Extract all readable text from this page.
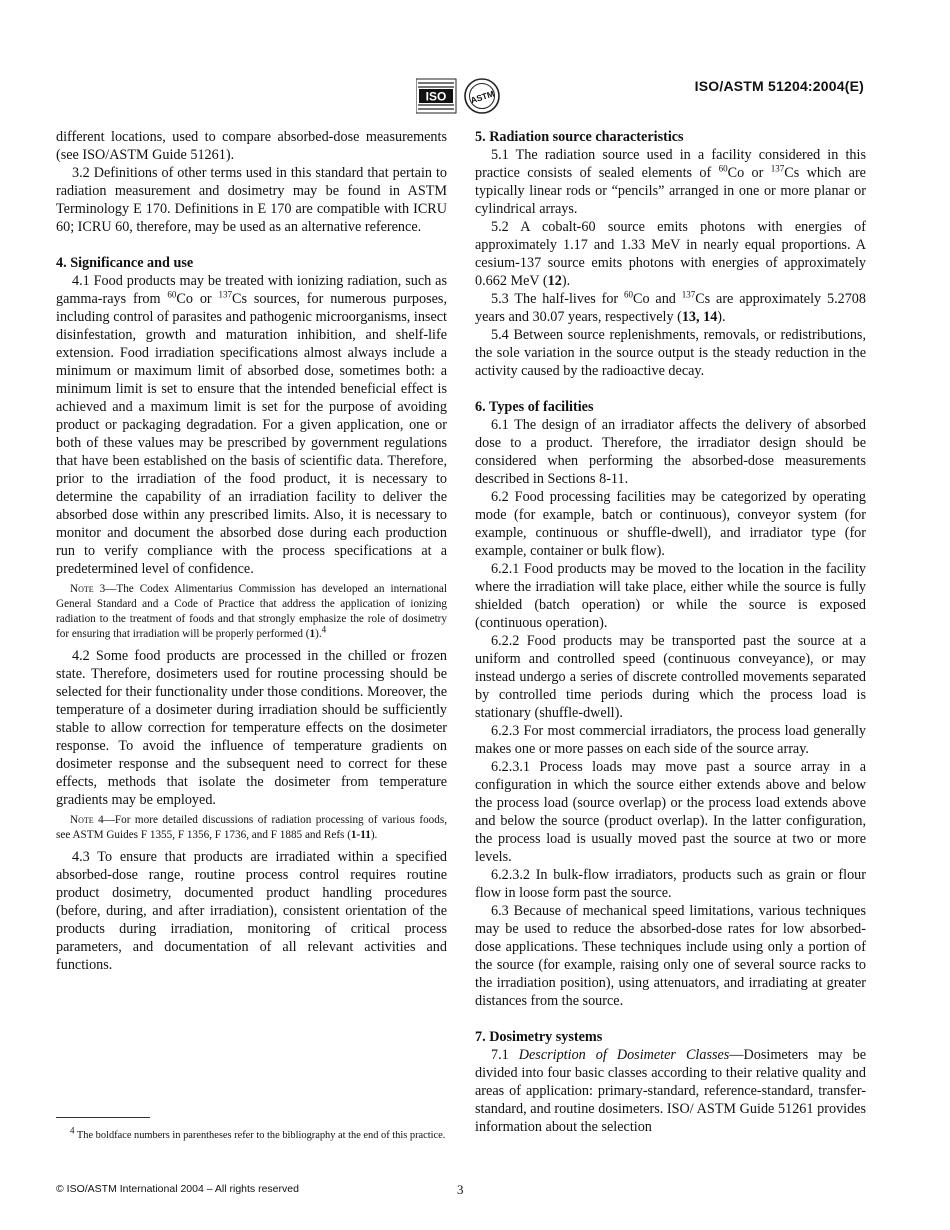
ISO	ASTM
ISO/ASTM 51204:2004(E)

different locations, used to compare absorbed-dose measurements (see ISO/ASTM Guide 51261).

3.2 Definitions of other terms used in this standard that pertain to radiation measurement and dosimetry may be found in ASTM Terminology E 170. Definitions in E 170 are compatible with ICRU 60; ICRU 60, therefore, may be used as an alternative reference.

4. Significance and use

4.1 Food products may be treated with ionizing radiation, such as gamma-rays from $^{60}$Co or $^{137}$Cs sources, for numerous purposes, including control of parasites and pathogenic microorganisms, insect disinfestation, growth and maturation inhibition, and shelf-life extension. Food irradiation specifications almost always include a minimum or maximum limit of absorbed dose, sometimes both: a minimum limit is set to ensure that the intended beneficial effect is achieved and a maximum limit is set for the purpose of avoiding product or packaging degradation. For a given application, one or both of these values may be prescribed by government regulations that have been established on the basis of scientific data. Therefore, prior to the irradiation of the food product, it is necessary to determine the capability of an irradiation facility to deliver the absorbed dose within any prescribed limits. Also, it is necessary to monitor and document the absorbed dose during each production run to verify compliance with the process specifications at a predetermined level of confidence.

Note 3—The Codex Alimentarius Commission has developed an international General Standard and a Code of Practice that address the application of ionizing radiation to the treatment of foods and that strongly emphasize the role of dosimetry for ensuring that irradiation will be properly performed (1).$^4$

4.2 Some food products are processed in the chilled or frozen state. Therefore, dosimeters used for routine processing should be selected for their functionality under those conditions. Moreover, the temperature of a dosimeter during irradiation should be sufficiently stable to allow correction for temperature effects on the dosimeter response. To avoid the influence of temperature gradients on dosimeter response and the subsequent need to correct for these effects, methods that isolate the dosimeter from temperature gradients may be employed.

Note 4—For more detailed discussions of radiation processing of various foods, see ASTM Guides F 1355, F 1356, F 1736, and F 1885 and Refs (1-11).

4.3 To ensure that products are irradiated within a specified absorbed-dose range, routine process control requires routine product dosimetry, documented product handling procedures (before, during, and after irradiation), consistent orientation of the products during irradiation, monitoring of critical process parameters, and documentation of all relevant activities and functions.

5. Radiation source characteristics

5.1 The radiation source used in a facility considered in this practice consists of sealed elements of $^{60}$Co or $^{137}$Cs which are typically linear rods or “pencils” arranged in one or more planar or cylindrical arrays.

5.2 A cobalt-60 source emits photons with energies of approximately 1.17 and 1.33 MeV in nearly equal proportions. A cesium-137 source emits photons with energies of approximately 0.662 MeV (12).

5.3 The half-lives for $^{60}$Co and $^{137}$Cs are approximately 5.2708 years and 30.07 years, respectively (13, 14).

5.4 Between source replenishments, removals, or redistributions, the sole variation in the source output is the steady reduction in the activity caused by the radioactive decay.

6. Types of facilities

6.1 The design of an irradiator affects the delivery of absorbed dose to a product. Therefore, the irradiator design should be considered when performing the absorbed-dose measurements described in Sections 8-11.

6.2 Food processing facilities may be categorized by operating mode (for example, batch or continuous), conveyor system (for example, continuous or shuffle-dwell), and irradiator type (for example, container or bulk flow).

6.2.1 Food products may be moved to the location in the facility where the irradiation will take place, either while the source is fully shielded (batch operation) or while the source is exposed (continuous operation).

6.2.2 Food products may be transported past the source at a uniform and controlled speed (continuous conveyance), or may instead undergo a series of discrete controlled movements separated by controlled time periods during which the process load is stationary (shuffle-dwell).

6.2.3 For most commercial irradiators, the process load generally makes one or more passes on each side of the source array.

6.2.3.1 Process loads may move past a source array in a configuration in which the source either extends above and below the process load (source overlap) or the process load extends above and below the source (product overlap). In the latter configuration, the process load is usually moved past the source at two or more levels.

6.2.3.2 In bulk-flow irradiators, products such as grain or flour flow in loose form past the source.

6.3 Because of mechanical speed limitations, various techniques may be used to reduce the absorbed-dose rates for low absorbed-dose applications. These techniques include using only a portion of the source (for example, raising only one of several source racks to the irradiation position), using attenuators, and irradiating at greater distances from the source.

7. Dosimetry systems

7.1 Description of Dosimeter Classes—Dosimeters may be divided into four basic classes according to their relative quality and areas of application: primary-standard, reference-standard, transfer-standard, and routine dosimeters. ISO/ ASTM Guide 51261 provides information about the selection

$^4$ The boldface numbers in parentheses refer to the bibliography at the end of this practice.
© ISO/ASTM International 2004 – All rights reserved	3
